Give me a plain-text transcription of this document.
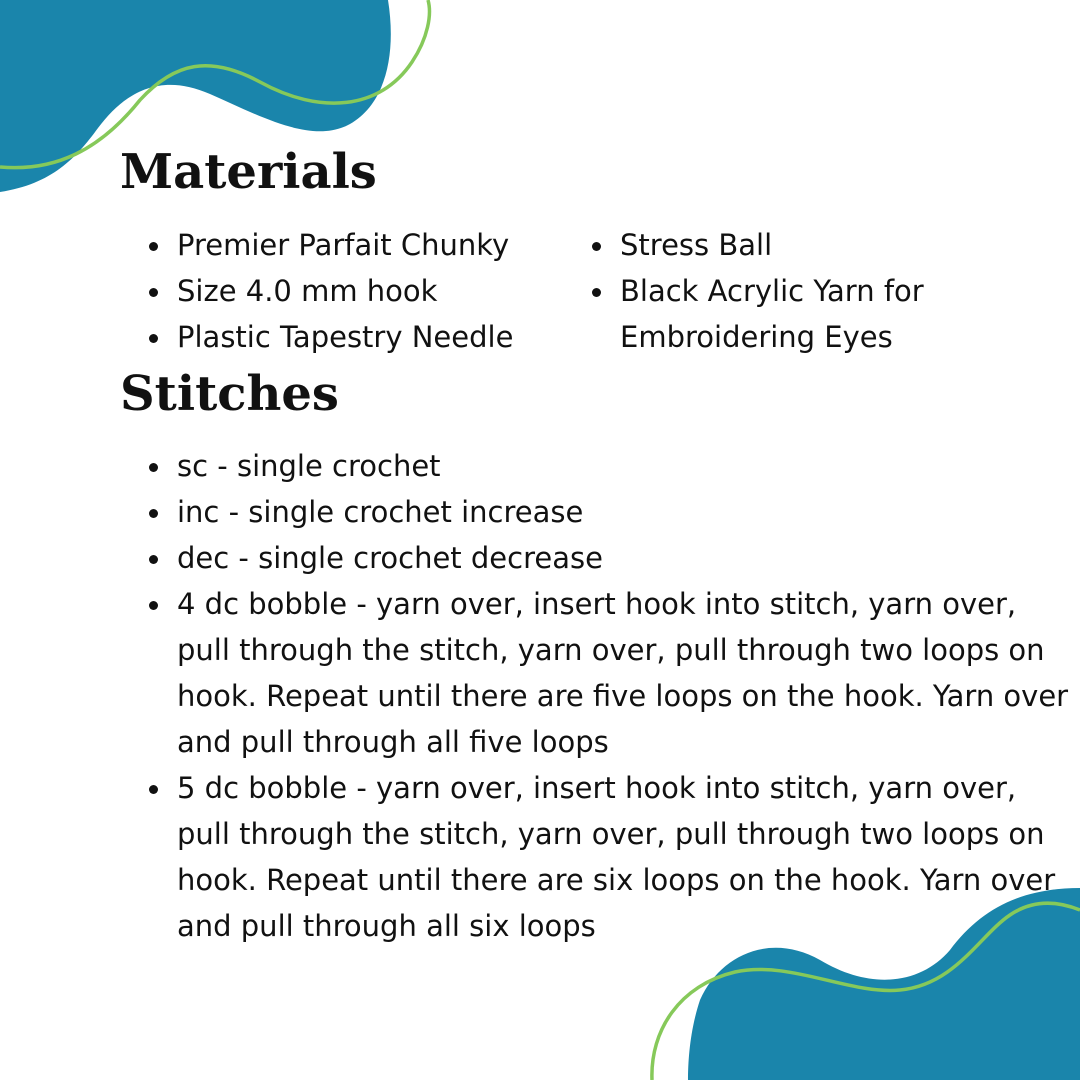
Materials
Premier Parfait Chunky
Size 4.0 mm hook
Plastic Tapestry Needle
Stress Ball
Black Acrylic Yarn for Embroidering Eyes
Stitches
sc - single crochet
inc - single crochet increase
dec - single crochet decrease
4 dc bobble - yarn over, insert hook into stitch, yarn over, pull through the stitch, yarn over, pull through two loops on hook. Repeat until there are five loops on the hook. Yarn over and pull through all five loops
5 dc bobble - yarn over, insert hook into stitch, yarn over, pull through the stitch, yarn over, pull through two loops on hook. Repeat until there are six loops on the hook. Yarn over and pull through all six loops
